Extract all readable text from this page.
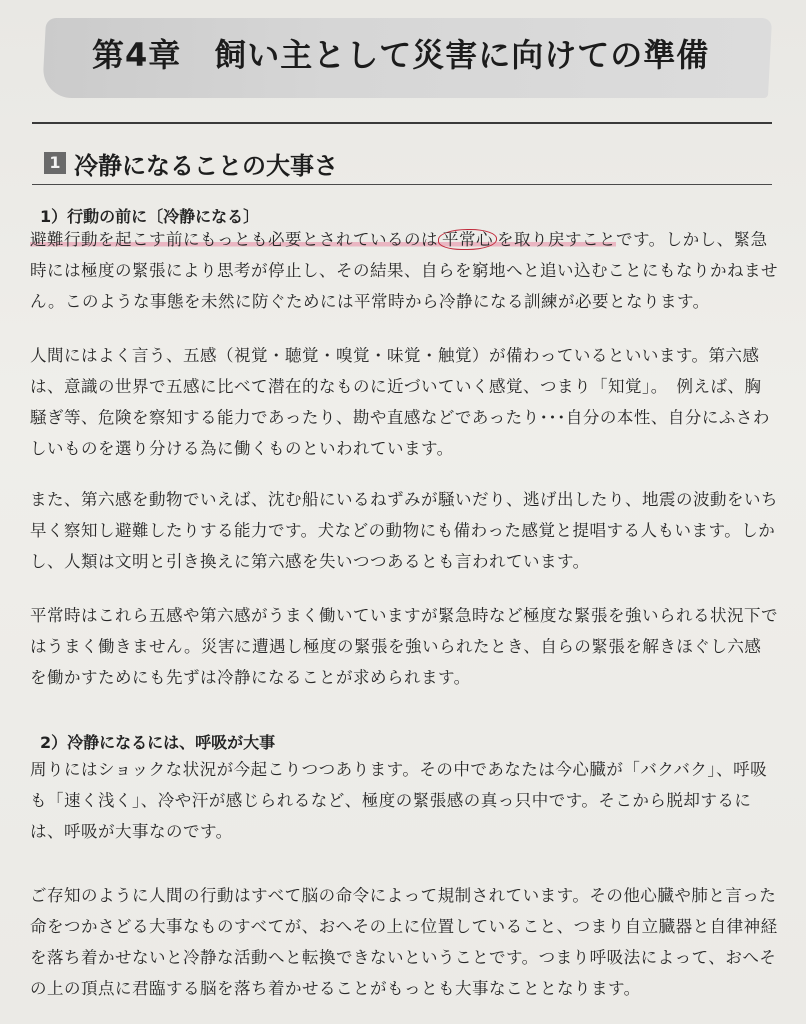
第4章　飼い主として災害に向けての準備
1 冷静になることの大事さ
1）行動の前に〔冷静になる〕

避難行動を起こす前にもっとも必要とされているのは 平常心 を取り戻すことです。しかし、緊急時には極度の緊張により思考が停止し、その結果、自らを窮地へと追い込むことにもなりかねません。このような事態を未然に防ぐためには平常時から冷静になる訓練が必要となります。

人間にはよく言う、五感（視覚・聴覚・嗅覚・味覚・触覚）が備わっているといいます。第六感は、意識の世界で五感に比べて潜在的なものに近づいていく感覚、つまり「知覚」。　例えば、胸騒ぎ等、危険を察知する能力であったり、勘や直感などであったり･･･自分の本性、自分にふさわしいものを選り分ける為に働くものといわれています。

また、第六感を動物でいえば、沈む船にいるねずみが騒いだり、逃げ出したり、地震の波動をいち早く察知し避難したりする能力です。犬などの動物にも備わった感覚と提唱する人もいます。しかし、人類は文明と引き換えに第六感を失いつつあるとも言われています。

平常時はこれら五感や第六感がうまく働いていますが緊急時など極度な緊張を強いられる状況下ではうまく働きません。災害に遭遇し極度の緊張を強いられたとき、自らの緊張を解きほぐし六感を働かすためにも先ずは冷静になることが求められます。

2）冷静になるには、呼吸が大事

周りにはショックな状況が今起こりつつあります。その中であなたは今心臓が「バクバク」、呼吸も「速く浅く」、冷や汗が感じられるなど、極度の緊張感の真っ只中です。そこから脱却するには、呼吸が大事なのです。

ご存知のように人間の行動はすべて脳の命令によって規制されています。その他心臓や肺と言った命をつかさどる大事なものすべてが、おへその上に位置していること、つまり自立臓器と自律神経を落ち着かせないと冷静な活動へと転換できないということです。つまり呼吸法によって、おへその上の頂点に君臨する脳を落ち着かせることがもっとも大事なこととなります。
